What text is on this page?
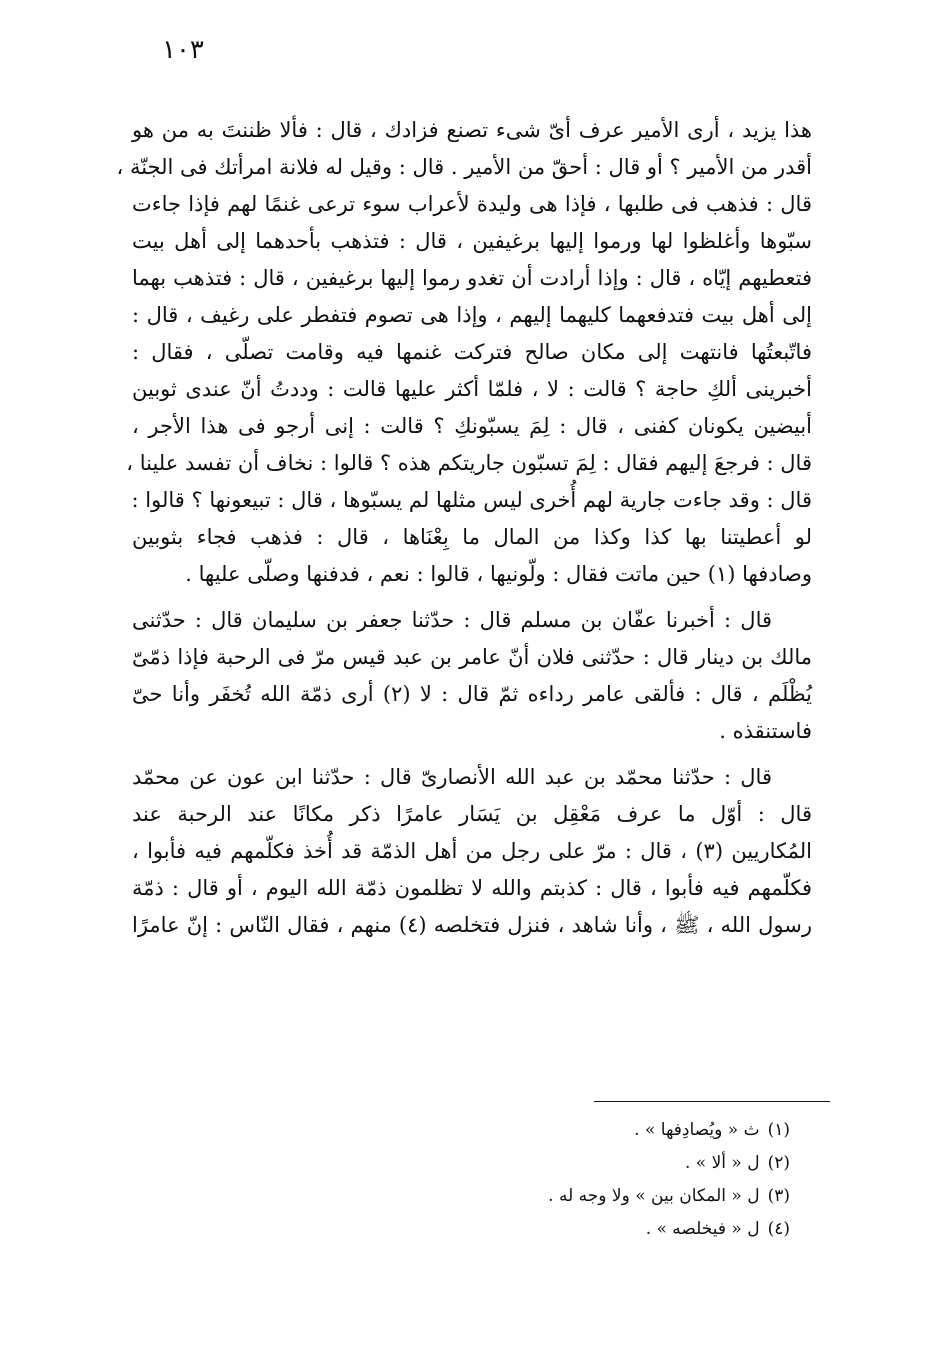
١٠٣

هذا يزيد ، أرى الأمير عرف أىّ شىء تصنع فزادك ، قال : فألا ظننتَ به من هو
أقدر من الأمير ؟ أو قال : أحقّ من الأمير . قال : وقيل له فلانة امرأتك فى الجنّة ،
قال : فذهب فى طلبها ، فإذا هى وليدة لأعراب سوء ترعى غنمًا لهم فإذا جاءت
سبّوها وأغلظوا لها ورموا إليها برغيفين ، قال : فتذهب بأحدهما إلى أهل بيت
فتعطيهم إيّاه ، قال : وإذا أرادت أن تغدو رموا إليها برغيفين ، قال : فتذهب بهما
إلى أهل بيت فتدفعهما كليهما إليهم ، وإذا هى تصوم فتفطر على رغيف ، قال :
فاتّبعتُها فانتهت إلى مكان صالح فتركت غنمها فيه وقامت تصلّى ، فقال :
أخبرينى ألكِ حاجة ؟ قالت : لا ، فلمّا أكثر عليها قالت : وددتُ أنّ عندى ثوبين
أبيضين يكونان كفنى ، قال : لِمَ يسبّونكِ ؟ قالت : إنى أرجو فى هذا الأجر ،
قال : فرجعَ إليهم فقال : لِمَ تسبّون جاريتكم هذه ؟ قالوا : نخاف أن تفسد علينا ،
قال : وقد جاءت جارية لهم أُخرى ليس مثلها لم يسبّوها ، قال : تبيعونها ؟ قالوا :
لو أعطيتنا بها كذا وكذا من المال ما بِعْنَاها ، قال : فذهب فجاء بثوبين
وصادفها (١) حين ماتت فقال : ولّونيها ، قالوا : نعم ، فدفنها وصلّى عليها .

قال : أخبرنا عفّان بن مسلم قال : حدّثنا جعفر بن سليمان قال : حدّثنى
مالك بن دينار قال : حدّثنى فلان أنّ عامر بن عبد قيس مرّ فى الرحبة فإذا ذمّىّ
يُظْلَم ، قال : فألقى عامر رداءه ثمّ قال : لا (٢) أرى ذمّة الله تُخفَر وأنا حىّ
فاستنقذه .

قال : حدّثنا محمّد بن عبد الله الأنصارىّ قال : حدّثنا ابن عون عن محمّد
قال : أوّل ما عرف مَعْقِل بن يَسَار عامرًا ذكر مكانًا عند الرحبة عند
المُكاريين (٣) ، قال : مرّ على رجل من أهل الذمّة قد أُخذ فكلّمهم فيه فأبوا ،
فكلّمهم فيه فأبوا ، قال : كذبتم والله لا تظلمون ذمّة الله اليوم ، أو قال : ذمّة
رسول الله ، ﷺ ، وأنا شاهد ، فنزل فتخلصه (٤) منهم ، فقال النّاس : إنّ عامرًا

(١)ث « ويُصادِفها » .
(٢)ل « ألا » .
(٣)ل « المكان بين » ولا وجه له .
(٤)ل « فيخلصه » .
